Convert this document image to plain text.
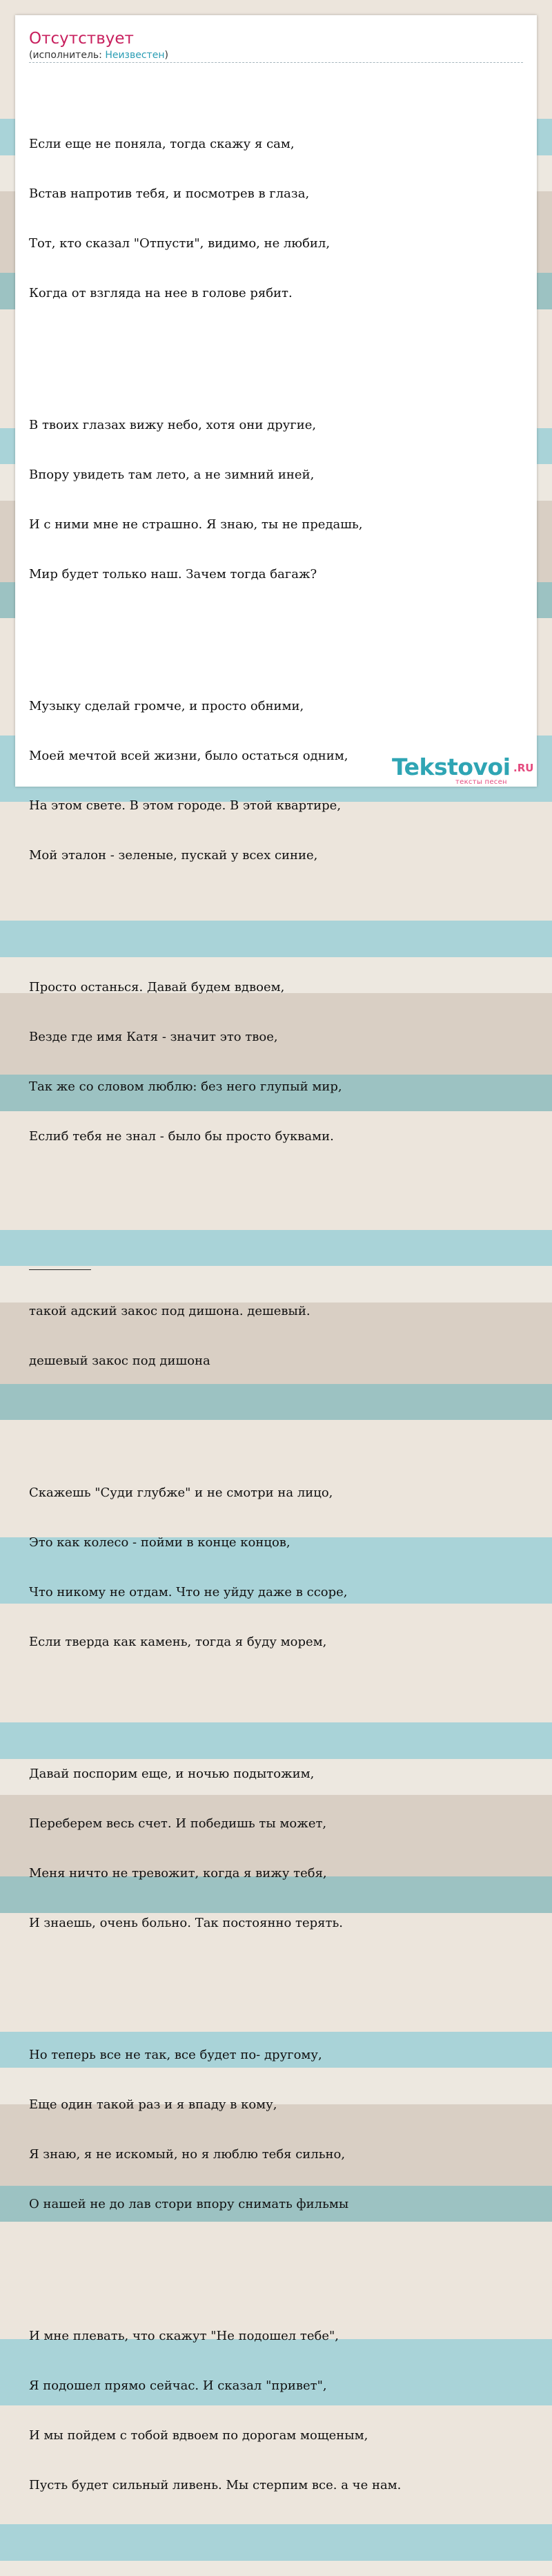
Отсутствует
(исполнитель: Неизвестен)

Если еще не поняла, тогда скажу я сам,

Встав напротив тебя, и посмотрев в глаза,

Тот, кто сказал "Отпусти", видимо, не любил,

Когда от взгляда на нее в голове рябит.

В твоих глазах вижу небо, хотя они другие,

Впору увидеть там лето, а не зимний иней,

И с ними мне не страшно. Я знаю, ты не предашь,

Мир будет только наш. Зачем тогда багаж?

Музыку сделай громче, и просто обними,

Моей мечтой всей жизни, было остаться одним,

На этом свете. В этом городе. В этой квартире,

Мой эталон - зеленые, пускай у всех синие,

Просто останься. Давай будем вдвоем,

Везде где имя Катя - значит это твое,

Так же со словом люблю: без него глупый мир,

Еслиб тебя не знал - было бы просто буквами.

такой адский закос под дишона. дешевый.

дешевый закос под дишона

Скажешь "Суди глубже" и не смотри на лицо,

Это как колесо - пойми в конце концов,

Что никому не отдам. Что не уйду даже в ссоре,

Если тверда как камень, тогда я буду морем,

Давай поспорим еще, и ночью подытожим,

Переберем весь счет. И победишь ты может,

Меня ничто не тревожит, когда я вижу тебя,

И знаешь, очень больно. Так постоянно терять.

Но теперь все не так, все будет по- другому,

Еще один такой раз и я впаду в кому,

Я знаю, я не искомый, но я люблю тебя сильно,

О нашей не до лав стори впору снимать фильмы

И мне плевать, что скажут "Не подошел тебе",

Я подошел прямо сейчас. И сказал "привет",

И мы пойдем с тобой вдвоем по дорогам мощеным,

Пусть будет сильный ливень. Мы стерпим все. а че нам.

Tekstovoi .RU
тексты песен
